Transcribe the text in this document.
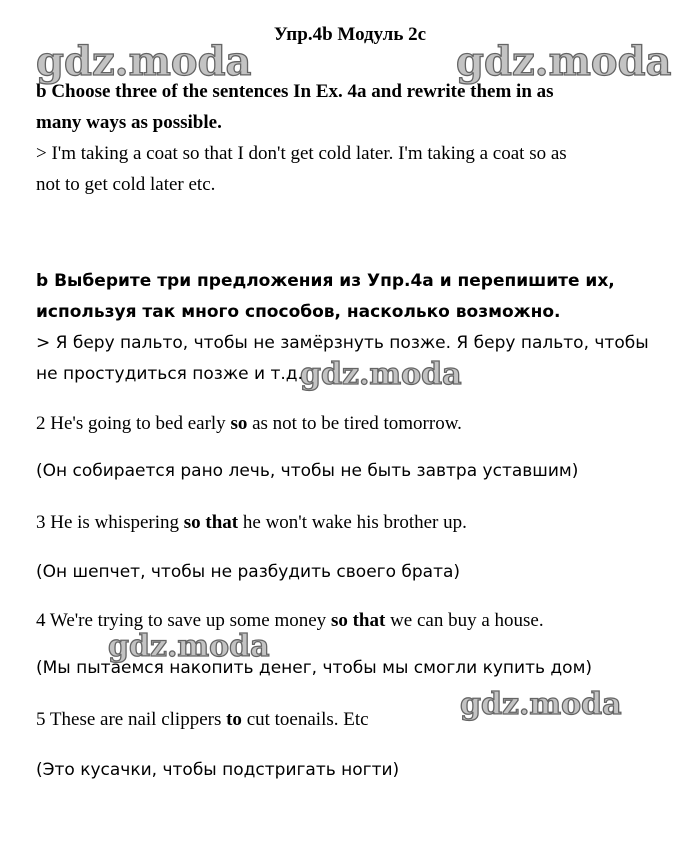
Упр.4b Модуль 2c
gdz.moda	gdz.moda
gdz.moda
gdz.moda
gdz.moda
b Choose three of the sentences In Ex. 4a and rewrite them in as
many ways as possible.
> I'm taking a coat so that I don't get cold later. I'm taking a coat so as
not to get cold later etc.
b Выберите три предложения из Упр.4а и перепишите их,
используя так много способов, насколько возможно.
> Я беру пальто, чтобы не замёрзнуть позже. Я беру пальто, чтобы
не простудиться позже и т.д.
2 He's going to bed early so as not to be tired tomorrow.
(Он собирается рано лечь, чтобы не быть завтра уставшим)
3 He is whispering so that he won't wake his brother up.
(Он шепчет, чтобы не разбудить своего брата)
4 We're trying to save up some money so that we can buy a house.
(Мы пытаемся накопить денег, чтобы мы смогли купить дом)
5 These are nail clippers to cut toenails. Etc
(Это кусачки, чтобы подстригать ногти)
